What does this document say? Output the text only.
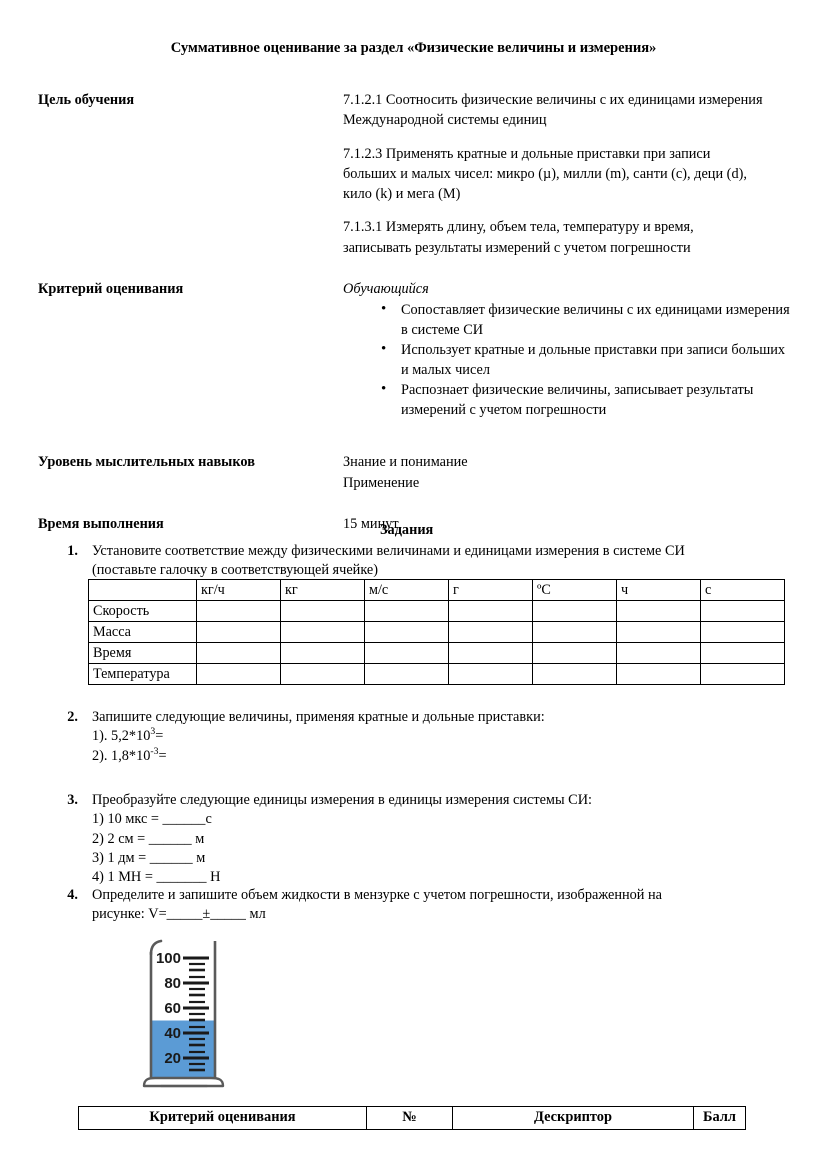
Суммативное оценивание за раздел «Физические величины и измерения»
Цель обучения	7.1.2.1 Соотносить физические величины с их единицами измерения Международной системы единиц

7.1.2.3 Применять кратные и дольные приставки при записи больших и малых чисел: микро (µ), милли (m), санти (c), деци (d), кило (k) и мега (M)

7.1.3.1 Измерять длину, объем тела, температуру и время, записывать результаты измерений с учетом погрешности

Критерий оценивания	Обучающийся

• Сопоставляет физические величины с их единицами измерения в системе СИ
• Использует кратные и дольные приставки при записи больших и малых чисел
• Распознает физические величины, записывает результаты измерений с учетом погрешности
Уровень мыслительных навыков	Знание и понимание

Применение

Время выполнения	15 минут
Задания
1. Установите соответствие между физическими величинами и единицами измерения в системе СИ

(поставьте галочку в соответствующей ячейке)

	кг/ч	кг	м/с	г	ºC	ч	с
Скорость							
Масса							
Время							
Температура							
2. Запишите следующие величины, применяя кратные и дольные приставки:

1). $5,2*10^3=$

2). $1,8*10^{-3}=$

3. Преобразуйте следующие единицы измерения в единицы измерения системы СИ:

1) 10 мкс = ______с

2) 2 см = ______ м

3) 1 дм = ______ м

4) 1 МН = _______ Н

4. Определите и запишите объем жидкости в мензурке с учетом погрешности, изображенной на

рисунке: V=_____±_____ мл

100
80
60
40
20
Критерий оценивания	№	Дескриптор	Балл
